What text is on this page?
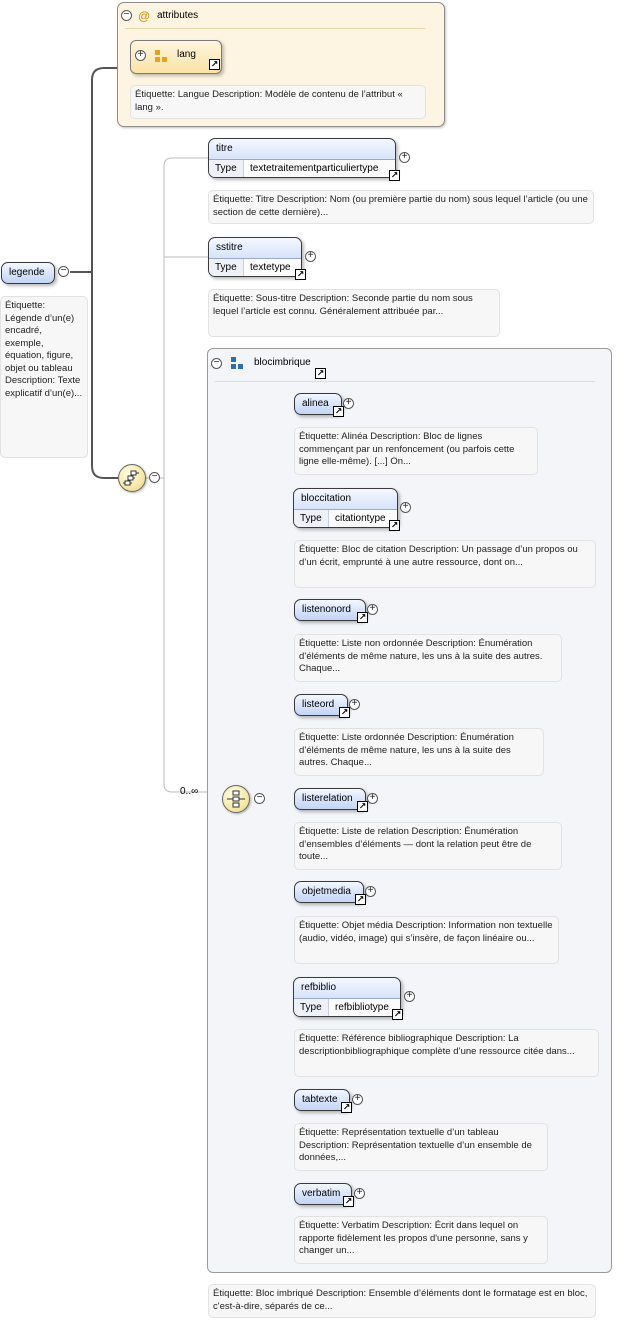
− @ attributes
+	lang
↗
Étiquette: Langue Description: Modèle de contenu de l’attribut « lang ».
legende	−
Étiquette: Légende d’un(e) encadré, exemple, équation, figure, objet ou tableau Description: Texte explicatif d’un(e)...
−
titre
Type	textetraitementparticuliertype
↗
+
Étiquette: Titre Description: Nom (ou première partie du nom) sous lequel l’article (ou une section de cette dernière)...
sstitre
Type	textetype
↗
+
Étiquette: Sous-titre Description: Seconde partie du nom sous lequel l’article est connu. Généralement attribuée par...
0..∞
−	blocimbrique
↗
−
alinea
↗
+
Étiquette: Alinéa Description: Bloc de lignes commençant par un renfoncement (ou parfois cette ligne elle-même). [...] On...
bloccitation
Type	citationtype
↗
+
Étiquette: Bloc de citation Description: Un passage d’un propos ou d’un écrit, emprunté à une autre ressource, dont on...
listenonord
↗
+
Étiquette: Liste non ordonnée Description: Énumération d’éléments de même nature, les uns à la suite des autres. Chaque...
listeord
↗
+
Étiquette: Liste ordonnée Description: Énumération d’éléments de même nature, les uns à la suite des autres. Chaque...
listerelation
↗
+
Étiquette: Liste de relation Description: Énumération d’ensembles d’éléments — dont la relation peut être de toute...
objetmedia
↗
+
Étiquette: Objet média Description: Information non textuelle (audio, vidéo, image) qui s’insère, de façon linéaire ou...
refbiblio
Type	refbibliotype
↗
+
Étiquette: Référence bibliographique Description: La descriptionbibliographique complète d’une ressource citée dans...
tabtexte
↗
+
Étiquette: Représentation textuelle d’un tableau Description: Représentation textuelle d’un ensemble de données,...
verbatim
↗
+
Étiquette: Verbatim Description: Écrit dans lequel on rapporte fidèlement les propos d'une personne, sans y changer un...
Étiquette: Bloc imbriqué Description: Ensemble d’éléments dont le formatage est en bloc, c'est-à-dire, séparés de ce...
